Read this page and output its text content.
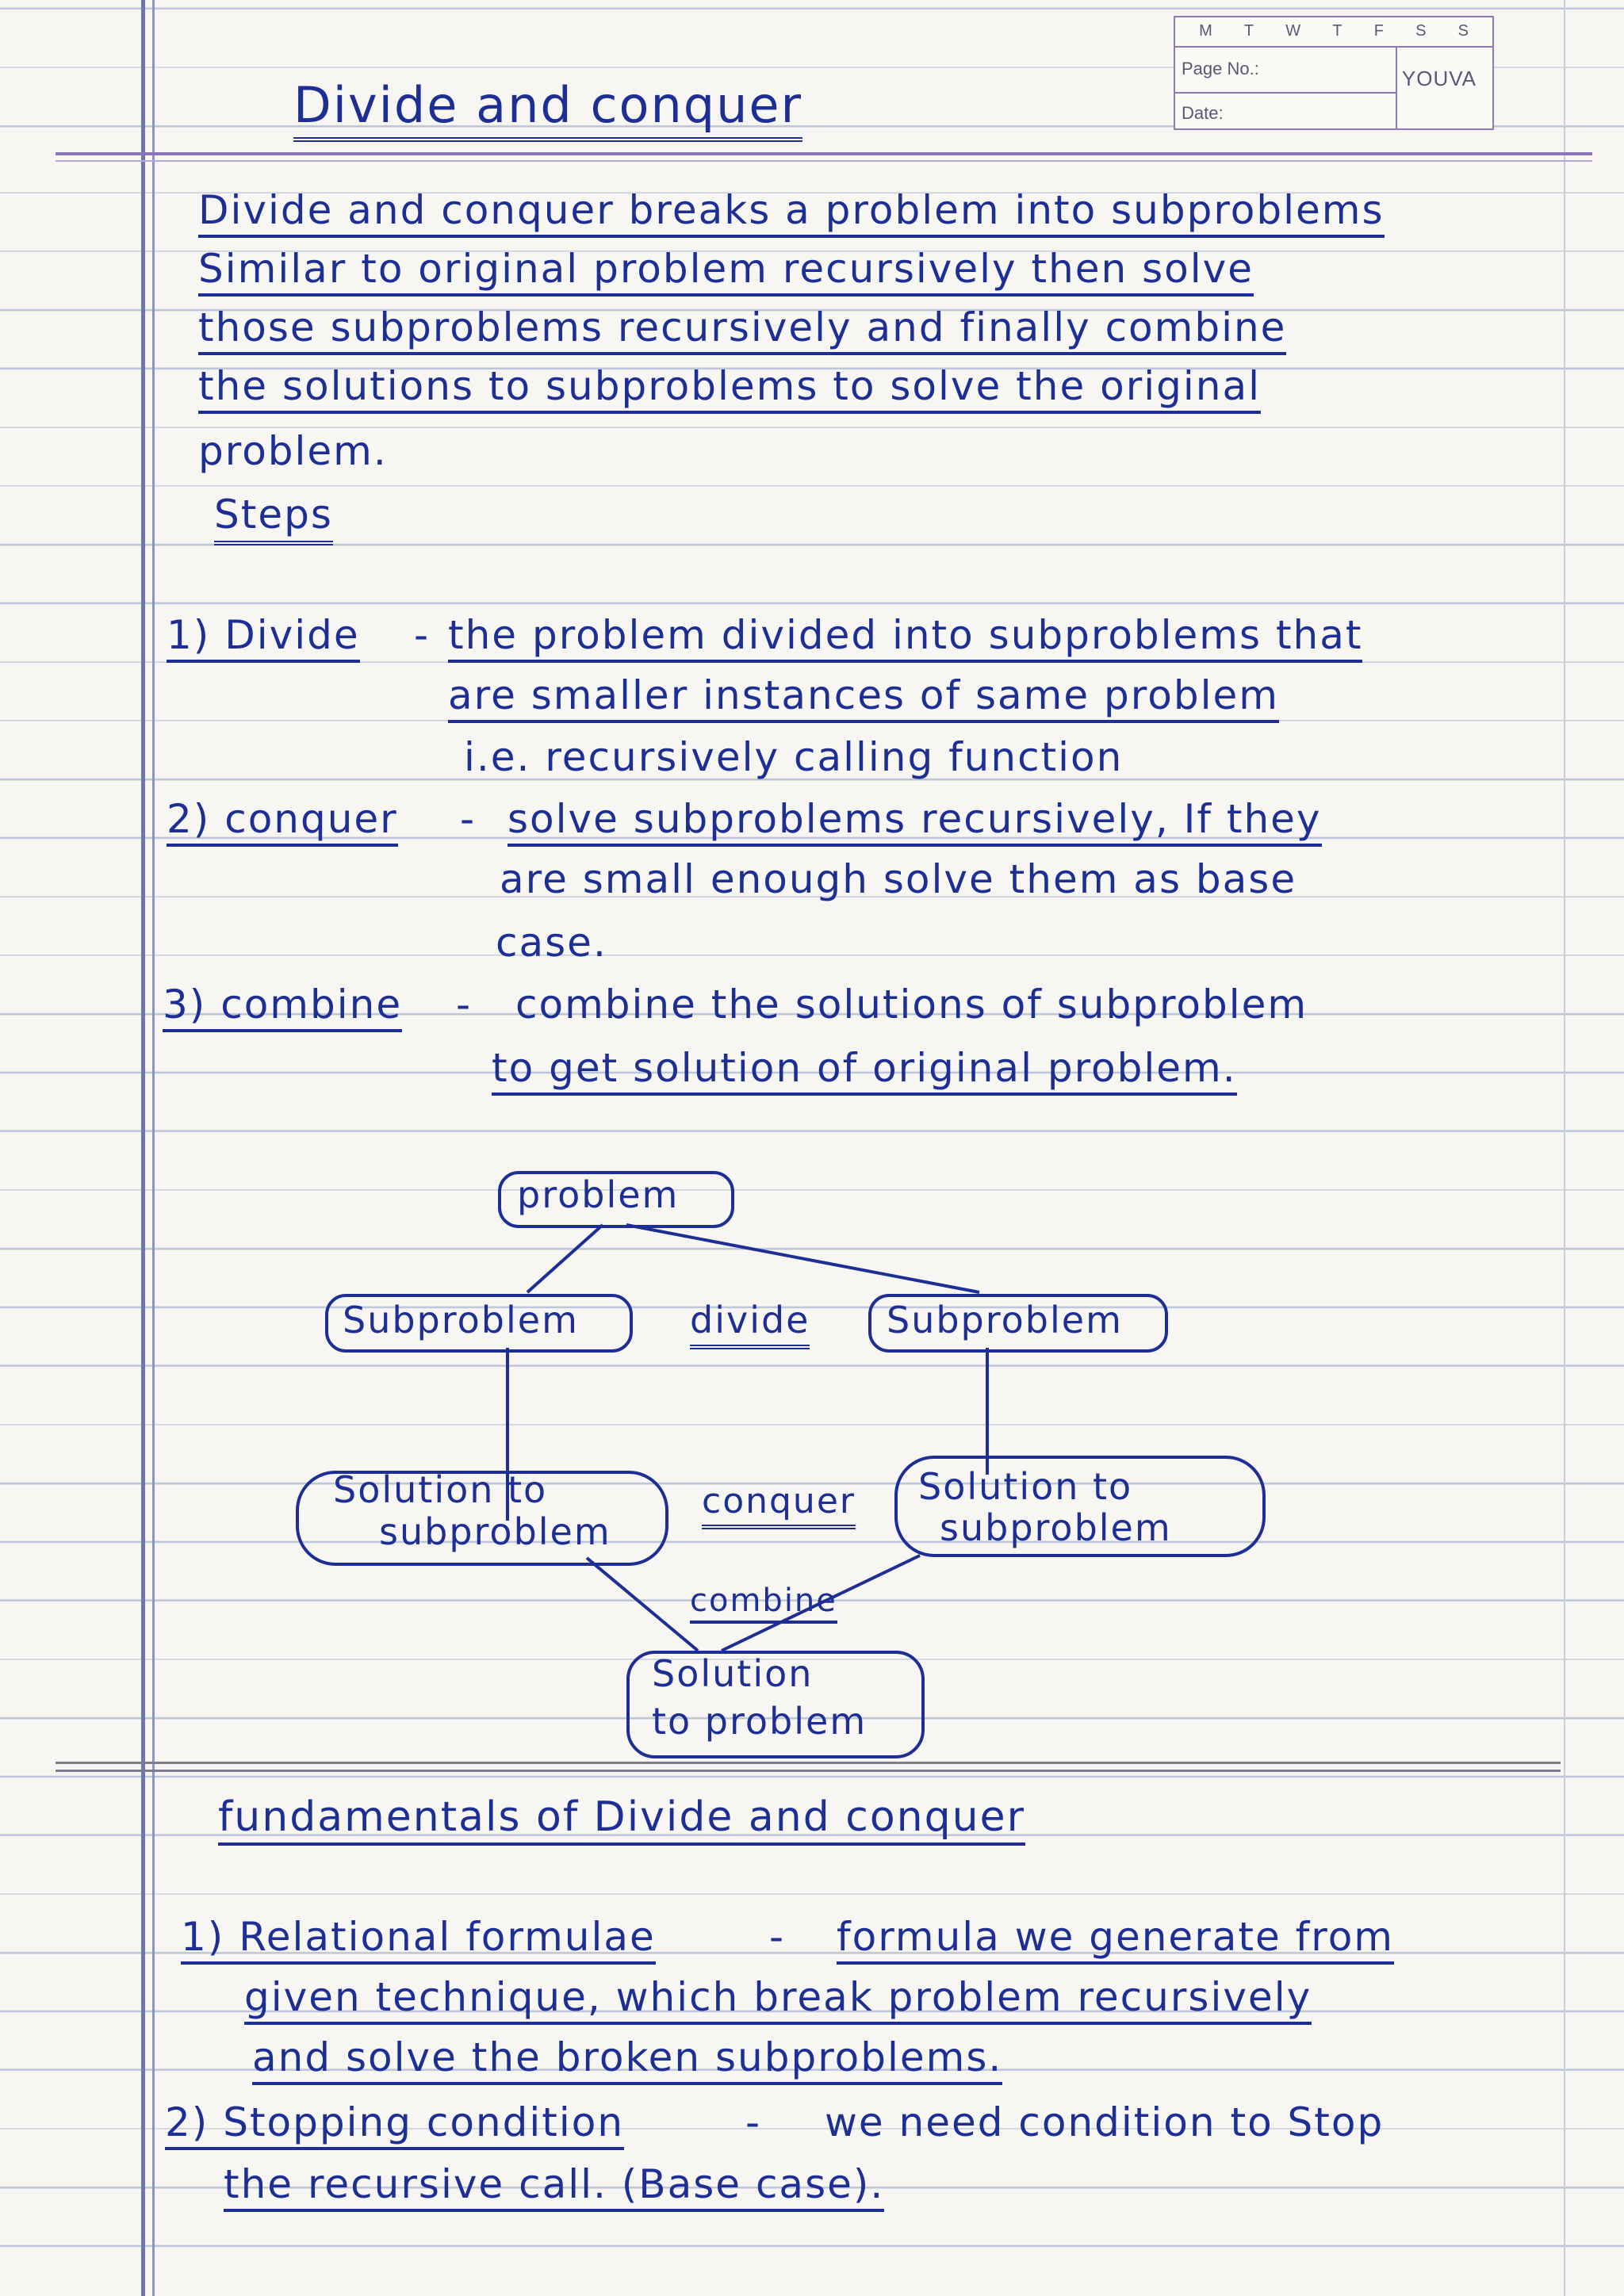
M T W T F S S
Page No.:
Date:
YOUVA
Divide and conquer
Divide and conquer breaks a problem into subproblems
Similar to original problem recursively then solve
those subproblems recursively and finally combine
the solutions to subproblems to solve the original
problem.
Steps
1) Divide - the problem divided into subproblems that
are smaller instances of same problem
i.e. recursively calling function
2) conquer - solve subproblems recursively, If they
are small enough solve them as base
case.
3) combine - combine the solutions of subproblem
to get solution of original problem.
problem
Subproblem	divide Subproblem
Solution to
subproblem
conquer Solution to
subproblem
combine
Solution
to problem
fundamentals of Divide and conquer
1) Relational formulae	- formula we generate from
given technique, which break problem recursively
and solve the broken subproblems.
2) Stopping condition	- we need condition to Stop
the recursive call. (Base case).
